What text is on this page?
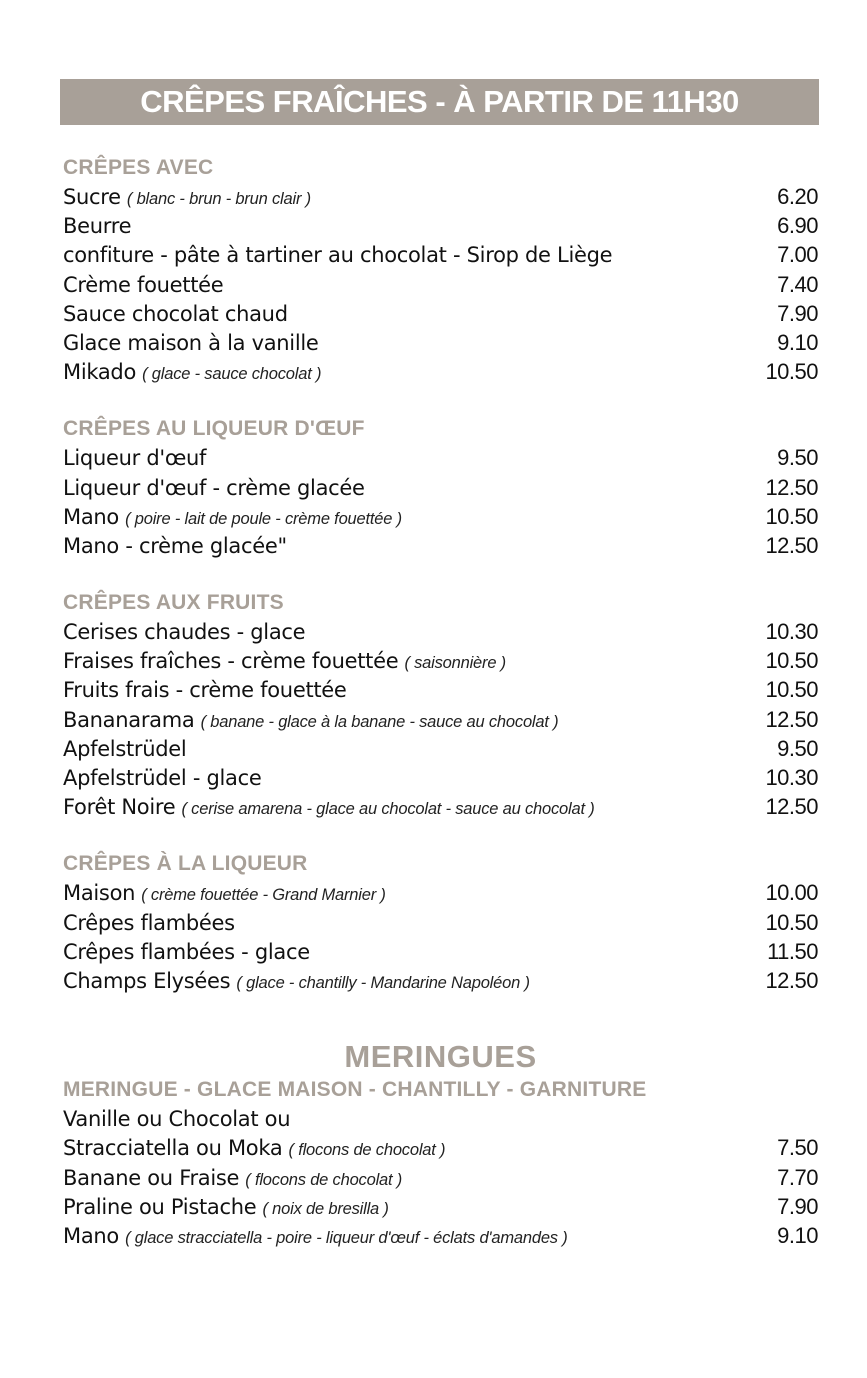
CRÊPES FRAÎCHES - À PARTIR DE 11H30
CRÊPES AVEC
Sucre ( blanc - brun - brun clair )	6.20
Beurre	6.90
confiture - pâte à tartiner au chocolat - Sirop de Liège	7.00
Crème fouettée	7.40
Sauce chocolat chaud	7.90
Glace maison à la vanille	9.10
Mikado ( glace - sauce chocolat )	10.50
CRÊPES AU LIQUEUR D'ŒUF
Liqueur d'œuf	9.50
Liqueur d'œuf - crème glacée	12.50
Mano ( poire - lait de poule - crème fouettée )	10.50
Mano - crème glacée"	12.50
CRÊPES AUX FRUITS
Cerises chaudes - glace	10.30
Fraises fraîches - crème fouettée ( saisonnière )	10.50
Fruits frais - crème fouettée	10.50
Bananarama ( banane - glace à la banane - sauce au chocolat )	12.50
Apfelstrüdel	9.50
Apfelstrüdel - glace	10.30
Forêt Noire ( cerise amarena - glace au chocolat - sauce au chocolat )	12.50
CRÊPES À LA LIQUEUR
Maison ( crème fouettée - Grand Marnier )	10.00
Crêpes flambées	10.50
Crêpes flambées - glace	11.50
Champs Elysées ( glace - chantilly - Mandarine Napoléon )	12.50
MERINGUES
MERINGUE - GLACE MAISON - CHANTILLY - GARNITURE
Vanille ou Chocolat ou
Stracciatella ou Moka ( flocons de chocolat )	7.50
Banane ou Fraise ( flocons de chocolat )	7.70
Praline ou Pistache ( noix de bresilla )	7.90
Mano ( glace stracciatella - poire - liqueur d'œuf - éclats d'amandes )	9.10
